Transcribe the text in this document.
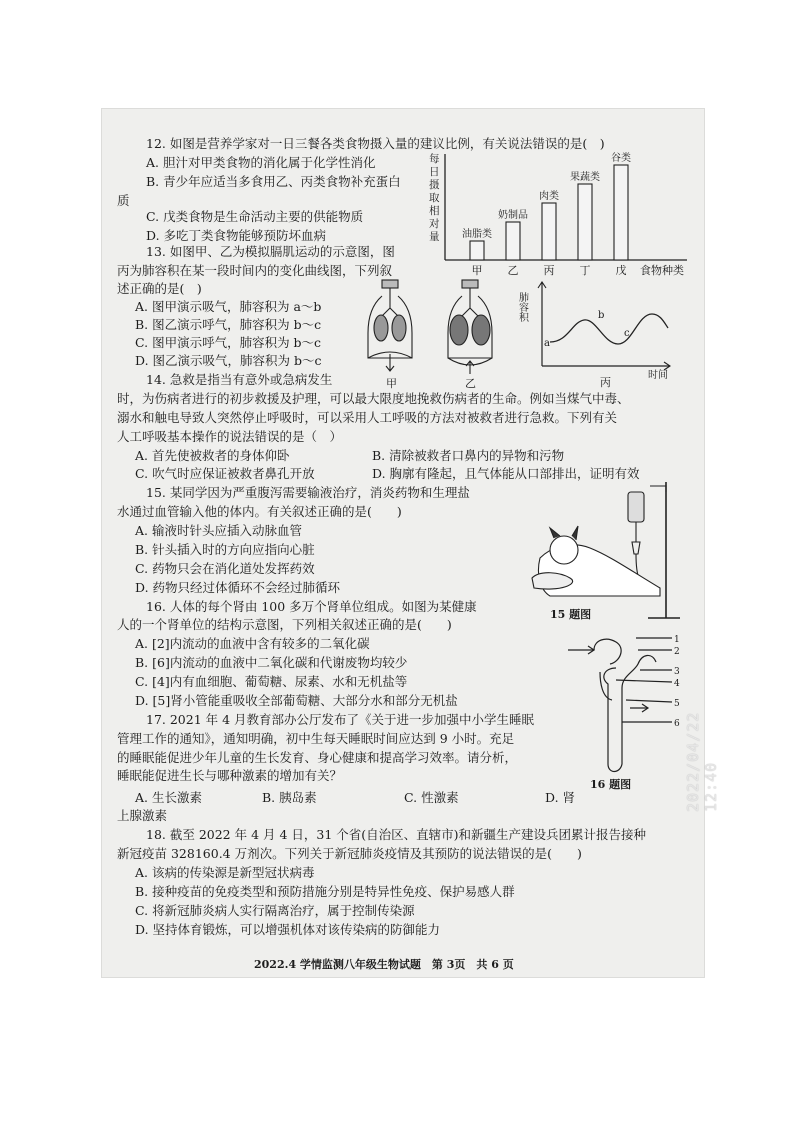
12. 如图是营养学家对一日三餐各类食物摄入量的建议比例，有关说法错误的是(　)
A. 胆汁对甲类食物的消化属于化学性消化
B. 青少年应适当多食用乙、丙类食物补充蛋白
质
C. 戊类食物是生命活动主要的供能物质
D. 多吃丁类食物能够预防坏血病
每
日
摄
取
相
对
量 油脂类
甲
奶制品
乙
肉类
丙
果蔬类
丁
谷类
戊 食物种类
13. 如图甲、乙为模拟膈肌运动的示意图，图
丙为肺容积在某一段时间内的变化曲线图，下列叙
述正确的是(　)
A. 图甲演示吸气，肺容积为 a～b
B. 图乙演示呼气，肺容积为 b～c
C. 图甲演示呼气，肺容积为 b～c
D. 图乙演示吸气，肺容积为 b～c
甲	乙
肺容积
a
b
c
丙
时间
14. 急救是指当有意外或急病发生
时，为伤病者进行的初步救援及护理，可以最大限度地挽救伤病者的生命。例如当煤气中毒、
溺水和触电导致人突然停止呼吸时，可以采用人工呼吸的方法对被救者进行急救。下列有关
人工呼吸基本操作的说法错误的是（　）
A. 首先使被救者的身体仰卧	B. 清除被救者口鼻内的异物和污物
C. 吹气时应保证被救者鼻孔开放	D. 胸廓有隆起，且气体能从口部排出，证明有效
15. 某同学因为严重腹泻需要输液治疗，消炎药物和生理盐
水通过血管输入他的体内。有关叙述正确的是(　　)
A. 输液时针头应插入动脉血管
B. 针头插入时的方向应指向心脏
C. 药物只会在消化道处发挥药效
D. 药物只经过体循环不会经过肺循环
15 题图
16. 人体的每个肾由 100 多万个肾单位组成。如图为某健康
人的一个肾单位的结构示意图，下列相关叙述正确的是(　　)
A. [2]内流动的血液中含有较多的二氧化碳
B. [6]内流动的血液中二氧化碳和代谢废物均较少
C. [4]内有血细胞、葡萄糖、尿素、水和无机盐等
D. [5]肾小管能重吸收全部葡萄糖、大部分水和部分无机盐
1
2
3
4
5
6
16 题图
17. 2021 年 4 月教育部办公厅发布了《关于进一步加强中小学生睡眠
管理工作的通知》，通知明确，初中生每天睡眠时间应达到 9 小时。充足
的睡眠能促进少年儿童的生长发育、身心健康和提高学习效率。请分析，
睡眠能促进生长与哪种激素的增加有关？
A. 生长激素	B. 胰岛素	C. 性激素	D. 肾
上腺激素
18. 截至 2022 年 4 月 4 日，31 个省(自治区、直辖市)和新疆生产建设兵团累计报告接种
新冠疫苗 328160.4 万剂次。下列关于新冠肺炎疫情及其预防的说法错误的是(　　)
A. 该病的传染源是新型冠状病毒
B. 接种疫苗的免疫类型和预防措施分别是特异性免疫、保护易感人群
C. 将新冠肺炎病人实行隔离治疗，属于控制传染源
D. 坚持体育锻炼，可以增强机体对该传染病的防御能力
2022.4 学情监测八年级生物试题　第 3页　共 6 页
2022/04/22 12:40
